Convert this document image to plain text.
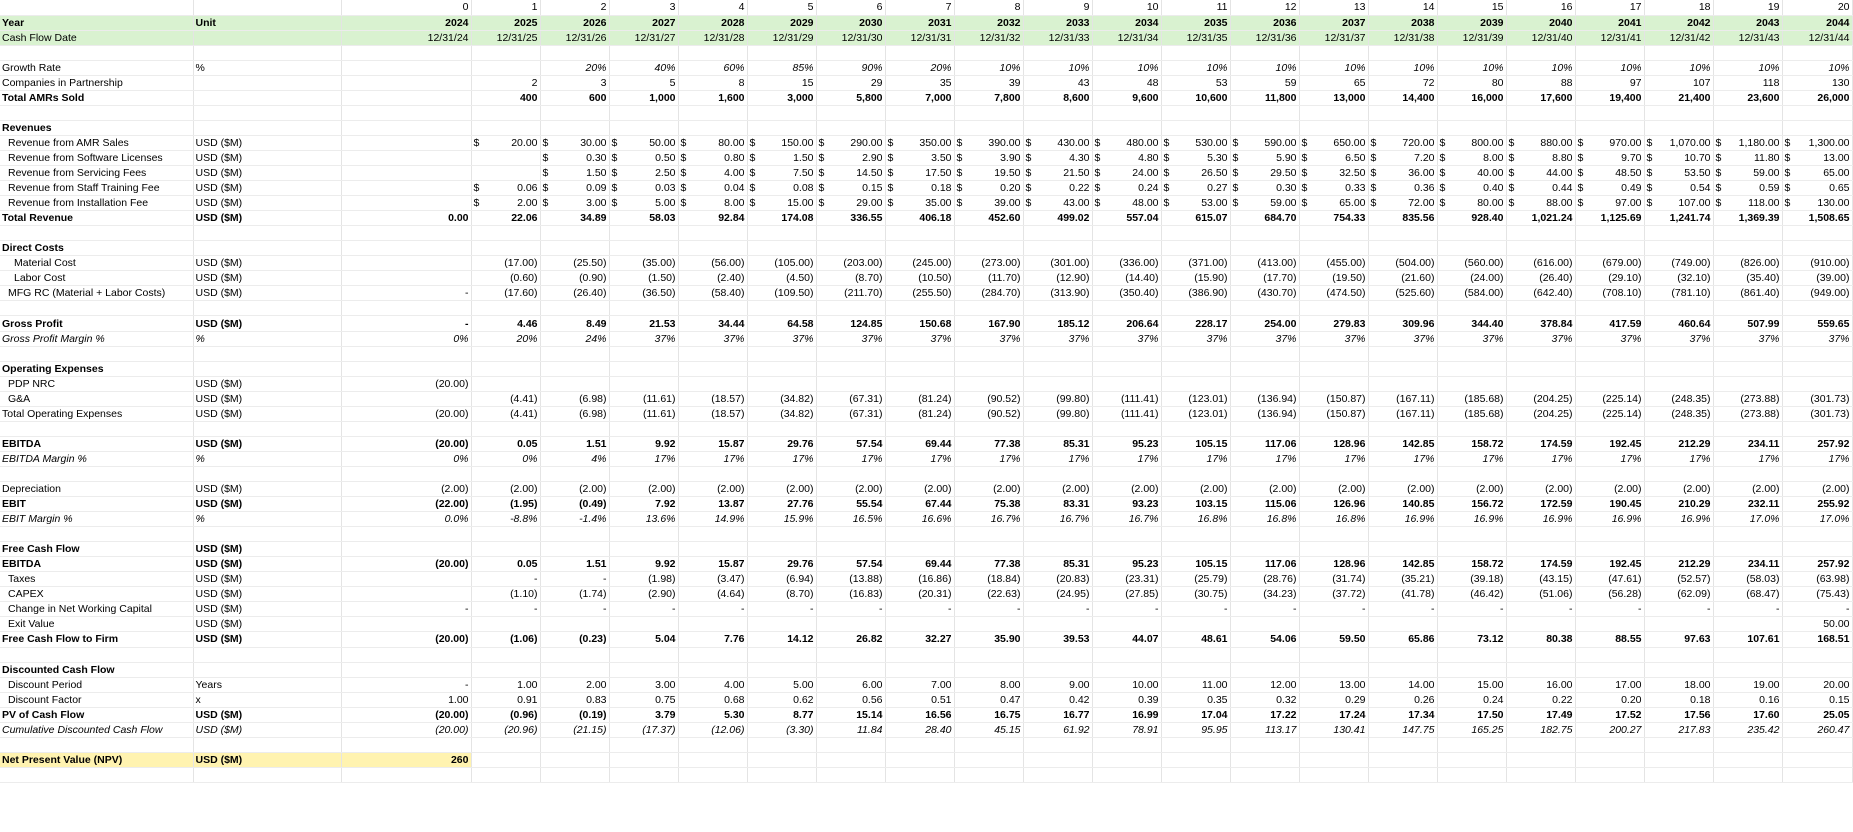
		0	1	2	3	4	5	6	7	8	9	10	11	12	13	14	15	16	17	18	19	20
Year	Unit	2024	2025	2026	2027	2028	2029	2030	2031	2032	2033	2034	2035	2036	2037	2038	2039	2040	2041	2042	2043	2044
Cash Flow Date		12/31/24	12/31/25	12/31/26	12/31/27	12/31/28	12/31/29	12/31/30	12/31/31	12/31/32	12/31/33	12/31/34	12/31/35	12/31/36	12/31/37	12/31/38	12/31/39	12/31/40	12/31/41	12/31/42	12/31/43	12/31/44

Growth Rate	%			20%	40%	60%	85%	90%	20%	10%	10%	10%	10%	10%	10%	10%	10%	10%	10%	10%	10%	10%
Companies in Partnership			2	3	5	8	15	29	35	39	43	48	53	59	65	72	80	88	97	107	118	130
Total AMRs Sold			400	600	1,000	1,600	3,000	5,800	7,000	7,800	8,600	9,600	10,600	11,800	13,000	14,400	16,000	17,600	19,400	21,400	23,600	26,000

Revenues																						
Revenue from AMR Sales	USD ($M)		$ 20.00	$ 30.00	$ 50.00	$ 80.00	$ 150.00	$ 290.00	$ 350.00	$ 390.00	$ 430.00	$ 480.00	$ 530.00	$ 590.00	$ 650.00	$ 720.00	$ 800.00	$ 880.00	$ 970.00	$ 1,070.00	$ 1,180.00	$ 1,300.00

Revenue from Software Licenses	USD ($M)			$ 0.30	$ 0.50	$ 0.80	$ 1.50	$ 2.90	$ 3.50	$ 3.90	$ 4.30	$ 4.80	$ 5.30	$ 5.90	$ 6.50	$ 7.20	$ 8.00	$ 8.80	$ 9.70	$ 10.70	$ 11.80	$ 13.00

Revenue from Servicing Fees	USD ($M)			$ 1.50	$ 2.50	$ 4.00	$ 7.50	$ 14.50	$ 17.50	$ 19.50	$ 21.50	$ 24.00	$ 26.50	$ 29.50	$ 32.50	$ 36.00	$ 40.00	$ 44.00	$ 48.50	$ 53.50	$ 59.00	$ 65.00

Revenue from Staff Training Fee	USD ($M)		$ 0.06	$ 0.09	$ 0.03	$ 0.04	$ 0.08	$ 0.15	$ 0.18	$ 0.20	$ 0.22	$ 0.24	$ 0.27	$ 0.30	$ 0.33	$ 0.36	$ 0.40	$ 0.44	$ 0.49	$ 0.54	$ 0.59	$ 0.65

Revenue from Installation Fee	USD ($M)		$ 2.00	$ 3.00	$ 5.00	$ 8.00	$ 15.00	$ 29.00	$ 35.00	$ 39.00	$ 43.00	$ 48.00	$ 53.00	$ 59.00	$ 65.00	$ 72.00	$ 80.00	$ 88.00	$ 97.00	$ 107.00	$ 118.00	$ 130.00

Total Revenue	USD ($M)	0.00	22.06	34.89	58.03	92.84	174.08	336.55	406.18	452.60	499.02	557.04	615.07	684.70	754.33	835.56	928.40	1,021.24	1,125.69	1,241.74	1,369.39	1,508.65

Direct Costs																						
Material Cost	USD ($M)		(17.00)	(25.50)	(35.00)	(56.00)	(105.00)	(203.00)	(245.00)	(273.00)	(301.00)	(336.00)	(371.00)	(413.00)	(455.00)	(504.00)	(560.00)	(616.00)	(679.00)	(749.00)	(826.00)	(910.00)
Labor Cost	USD ($M)		(0.60)	(0.90)	(1.50)	(2.40)	(4.50)	(8.70)	(10.50)	(11.70)	(12.90)	(14.40)	(15.90)	(17.70)	(19.50)	(21.60)	(24.00)	(26.40)	(29.10)	(32.10)	(35.40)	(39.00)
MFG RC (Material + Labor Costs)	USD ($M)	-	(17.60)	(26.40)	(36.50)	(58.40)	(109.50)	(211.70)	(255.50)	(284.70)	(313.90)	(350.40)	(386.90)	(430.70)	(474.50)	(525.60)	(584.00)	(642.40)	(708.10)	(781.10)	(861.40)	(949.00)

Gross Profit	USD ($M)	-	4.46	8.49	21.53	34.44	64.58	124.85	150.68	167.90	185.12	206.64	228.17	254.00	279.83	309.96	344.40	378.84	417.59	460.64	507.99	559.65
Gross Profit Margin %	%	0%	20%	24%	37%	37%	37%	37%	37%	37%	37%	37%	37%	37%	37%	37%	37%	37%	37%	37%	37%	37%

Operating Expenses																						
PDP NRC	USD ($M)	(20.00)																				
G&A	USD ($M)		(4.41)	(6.98)	(11.61)	(18.57)	(34.82)	(67.31)	(81.24)	(90.52)	(99.80)	(111.41)	(123.01)	(136.94)	(150.87)	(167.11)	(185.68)	(204.25)	(225.14)	(248.35)	(273.88)	(301.73)
Total Operating Expenses	USD ($M)	(20.00)	(4.41)	(6.98)	(11.61)	(18.57)	(34.82)	(67.31)	(81.24)	(90.52)	(99.80)	(111.41)	(123.01)	(136.94)	(150.87)	(167.11)	(185.68)	(204.25)	(225.14)	(248.35)	(273.88)	(301.73)

EBITDA	USD ($M)	(20.00)	0.05	1.51	9.92	15.87	29.76	57.54	69.44	77.38	85.31	95.23	105.15	117.06	128.96	142.85	158.72	174.59	192.45	212.29	234.11	257.92
EBITDA Margin %	%	0%	0%	4%	17%	17%	17%	17%	17%	17%	17%	17%	17%	17%	17%	17%	17%	17%	17%	17%	17%	17%

Depreciation	USD ($M)	(2.00)	(2.00)	(2.00)	(2.00)	(2.00)	(2.00)	(2.00)	(2.00)	(2.00)	(2.00)	(2.00)	(2.00)	(2.00)	(2.00)	(2.00)	(2.00)	(2.00)	(2.00)	(2.00)	(2.00)	(2.00)
EBIT	USD ($M)	(22.00)	(1.95)	(0.49)	7.92	13.87	27.76	55.54	67.44	75.38	83.31	93.23	103.15	115.06	126.96	140.85	156.72	172.59	190.45	210.29	232.11	255.92
EBIT Margin %	%	0.0%	-8.8%	-1.4%	13.6%	14.9%	15.9%	16.5%	16.6%	16.7%	16.7%	16.7%	16.8%	16.8%	16.8%	16.9%	16.9%	16.9%	16.9%	16.9%	17.0%	17.0%

Free Cash Flow	USD ($M)																					
EBITDA	USD ($M)	(20.00)	0.05	1.51	9.92	15.87	29.76	57.54	69.44	77.38	85.31	95.23	105.15	117.06	128.96	142.85	158.72	174.59	192.45	212.29	234.11	257.92
Taxes	USD ($M)		-	-	(1.98)	(3.47)	(6.94)	(13.88)	(16.86)	(18.84)	(20.83)	(23.31)	(25.79)	(28.76)	(31.74)	(35.21)	(39.18)	(43.15)	(47.61)	(52.57)	(58.03)	(63.98)
CAPEX	USD ($M)		(1.10)	(1.74)	(2.90)	(4.64)	(8.70)	(16.83)	(20.31)	(22.63)	(24.95)	(27.85)	(30.75)	(34.23)	(37.72)	(41.78)	(46.42)	(51.06)	(56.28)	(62.09)	(68.47)	(75.43)
Change in Net Working Capital	USD ($M)	-	-	-	-	-	-	-	-	-	-	-	-	-	-	-	-	-	-	-	-	-
Exit Value	USD ($M)																					50.00
Free Cash Flow to Firm	USD ($M)	(20.00)	(1.06)	(0.23)	5.04	7.76	14.12	26.82	32.27	35.90	39.53	44.07	48.61	54.06	59.50	65.86	73.12	80.38	88.55	97.63	107.61	168.51

Discounted Cash Flow																						
Discount Period	Years	-	1.00	2.00	3.00	4.00	5.00	6.00	7.00	8.00	9.00	10.00	11.00	12.00	13.00	14.00	15.00	16.00	17.00	18.00	19.00	20.00
Discount Factor	x	1.00	0.91	0.83	0.75	0.68	0.62	0.56	0.51	0.47	0.42	0.39	0.35	0.32	0.29	0.26	0.24	0.22	0.20	0.18	0.16	0.15
PV of Cash Flow	USD ($M)	(20.00)	(0.96)	(0.19)	3.79	5.30	8.77	15.14	16.56	16.75	16.77	16.99	17.04	17.22	17.24	17.34	17.50	17.49	17.52	17.56	17.60	25.05
Cumulative Discounted Cash Flow	USD ($M)	(20.00)	(20.96)	(21.15)	(17.37)	(12.06)	(3.30)	11.84	28.40	45.15	61.92	78.91	95.95	113.17	130.41	147.75	165.25	182.75	200.27	217.83	235.42	260.47

Net Present Value (NPV)	USD ($M)	260																				
